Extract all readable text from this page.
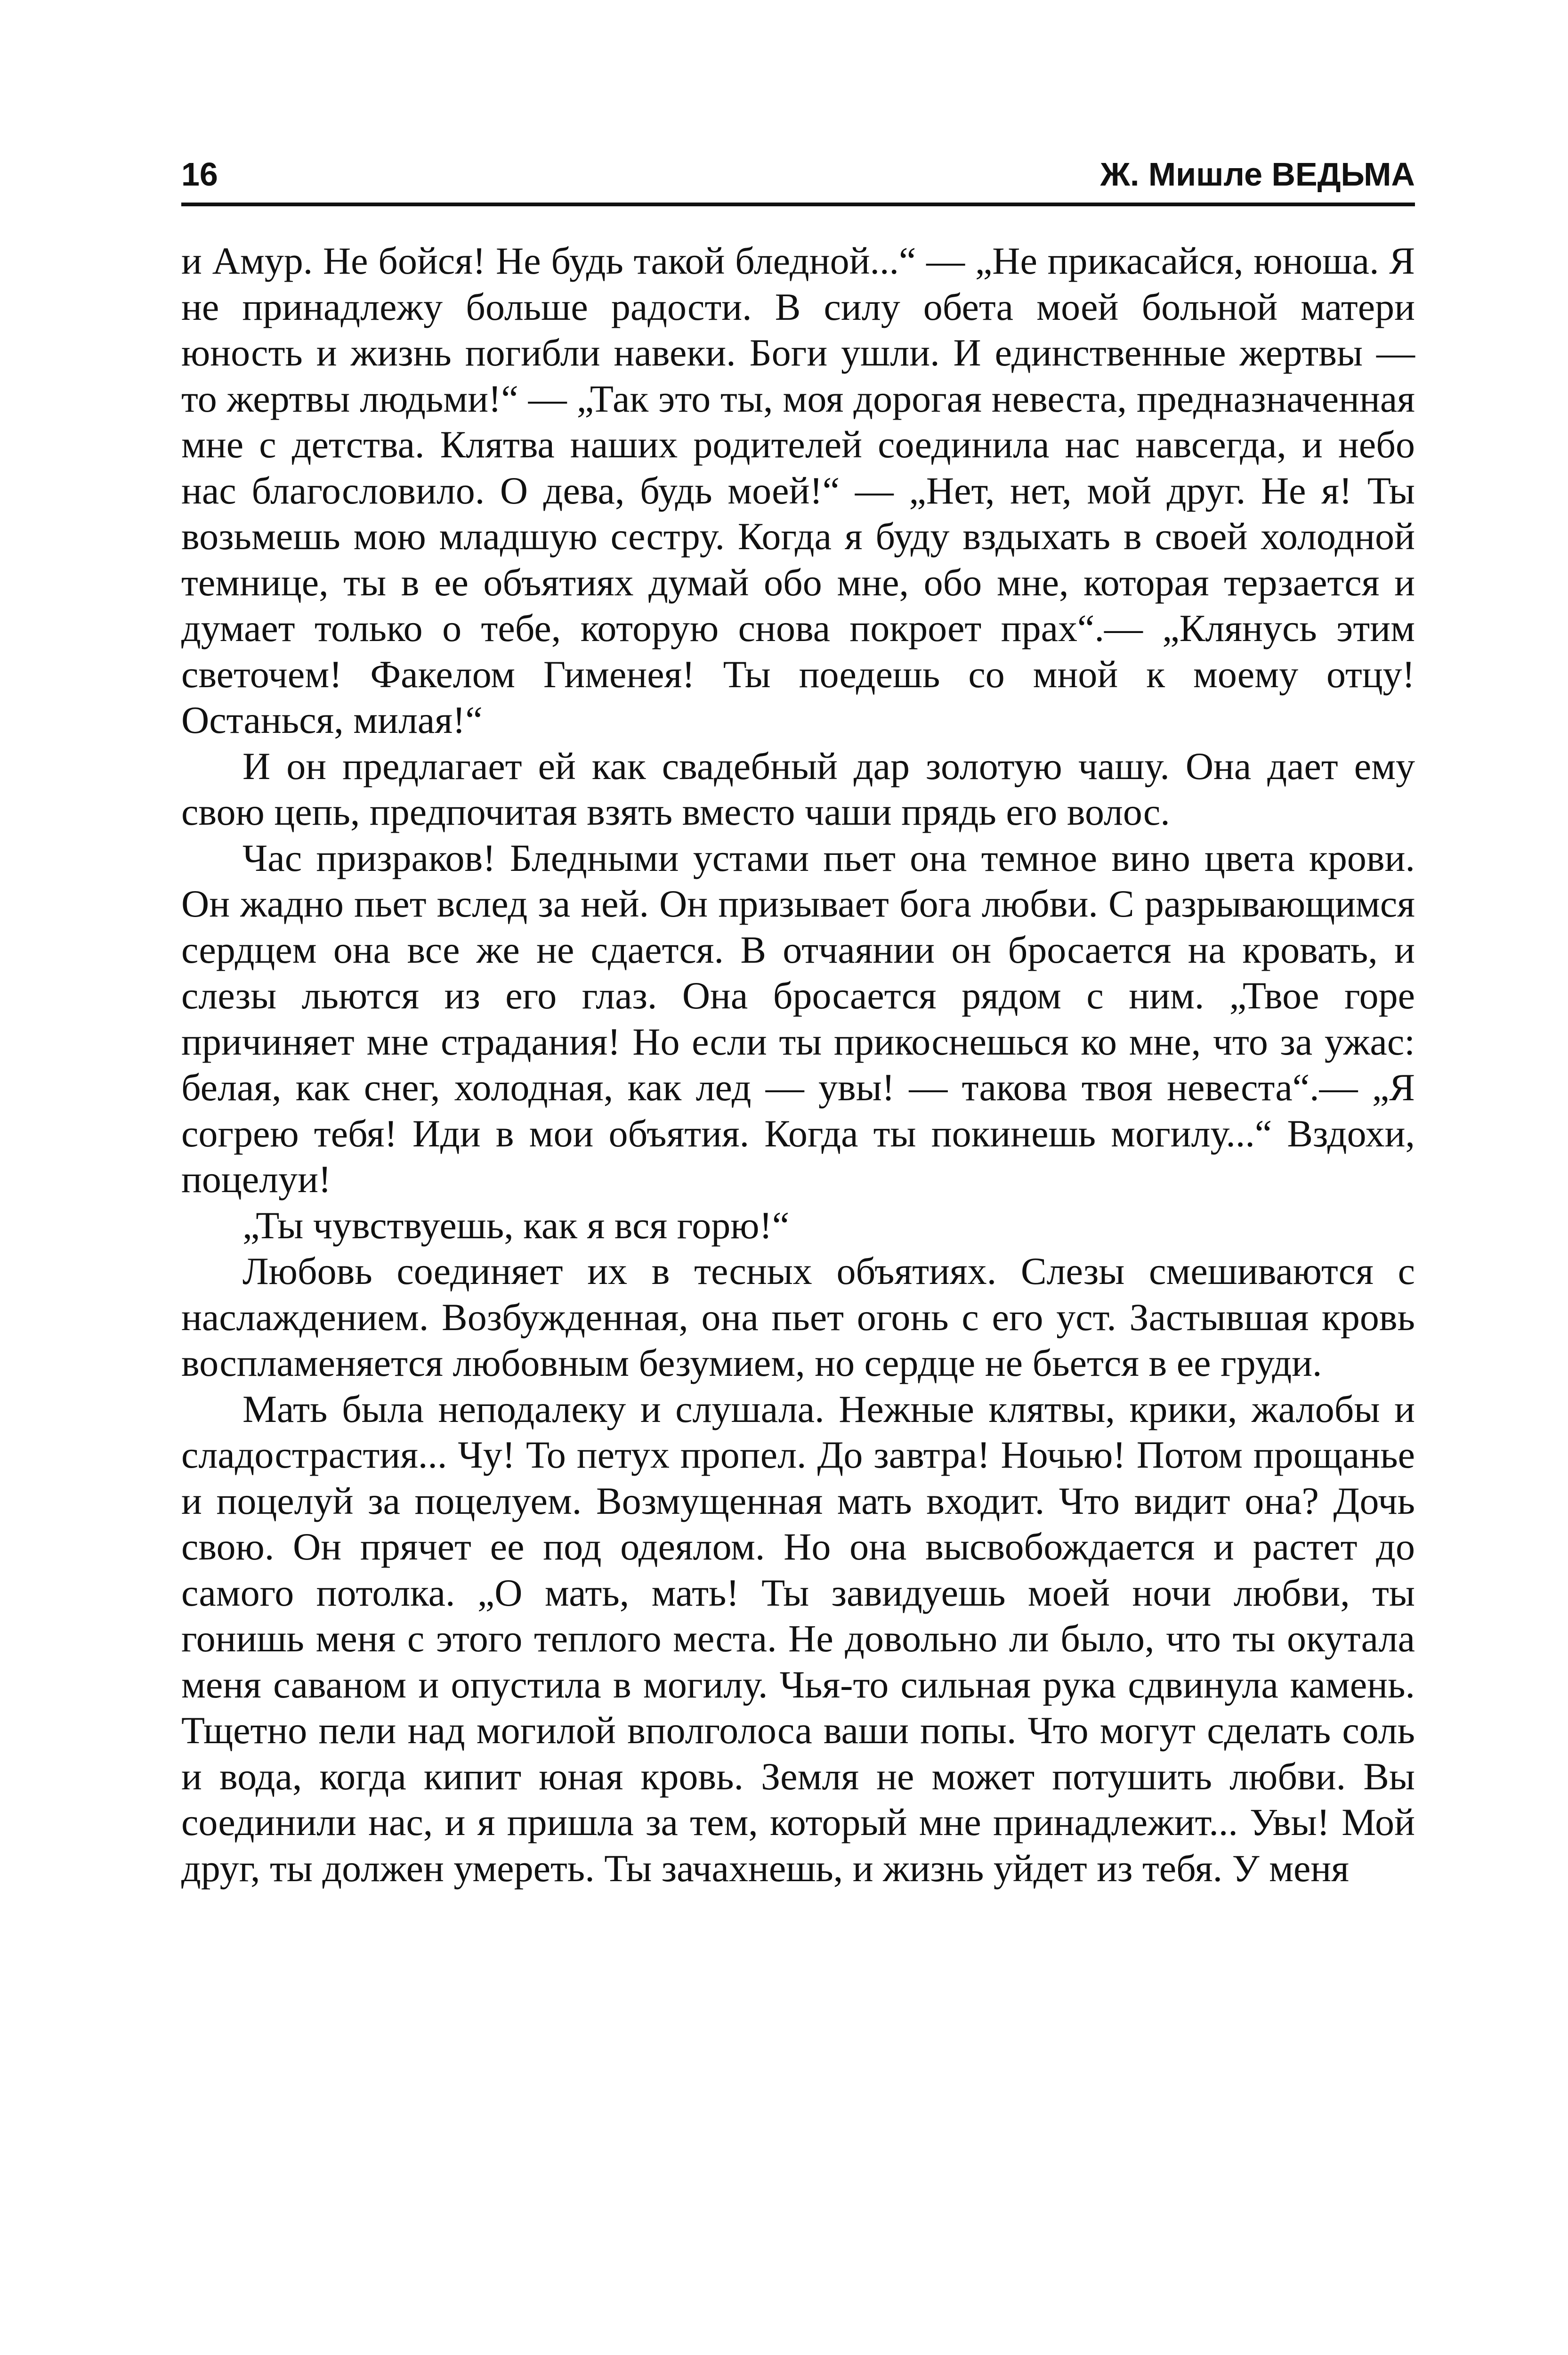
16	Ж. Мишле ВЕДЬМА

и Амур. Не бойся! Не будь такой бледной...“ — „Не прикасайся, юноша. Я не принадлежу больше радости. В силу обета моей больной матери юность и жизнь погибли навеки. Боги ушли. И единственные жертвы — то жертвы людьми!“ — „Так это ты, моя дорогая невеста, предназначенная мне с детства. Клятва наших родителей соединила нас навсегда, и небо нас благословило. О дева, будь моей!“ — „Нет, нет, мой друг. Не я! Ты возьмешь мою младшую сестру. Когда я буду вздыхать в своей холодной темнице, ты в ее объятиях думай обо мне, обо мне, которая терзается и думает только о тебе, которую снова покроет прах“.— „Клянусь этим светочем! Факелом Гименея! Ты поедешь со мной к моему отцу! Останься, милая!“

И он предлагает ей как свадебный дар золотую чашу. Она дает ему свою цепь, предпочитая взять вместо чаши прядь его волос.

Час призраков! Бледными устами пьет она темное вино цвета крови. Он жадно пьет вслед за ней. Он призывает бога любви. С разрывающимся сердцем она все же не сдается. В отчаянии он бросается на кровать, и слезы льются из его глаз. Она бросается рядом с ним. „Твое горе причиняет мне страдания! Но если ты прикоснешься ко мне, что за ужас: белая, как снег, холодная, как лед — увы! — такова твоя невеста“.— „Я согрею тебя! Иди в мои объятия. Когда ты покинешь могилу...“ Вздохи, поцелуи!

„Ты чувствуешь, как я вся горю!“

Любовь соединяет их в тесных объятиях. Слезы смешиваются с наслаждением. Возбужденная, она пьет огонь с его уст. Застывшая кровь воспламеняется любовным безумием, но сердце не бьется в ее груди.

Мать была неподалеку и слушала. Нежные клятвы, крики, жалобы и сладострастия... Чу! То петух пропел. До завтра! Ночью! Потом прощанье и поцелуй за поцелуем. Возмущенная мать входит. Что видит она? Дочь свою. Он прячет ее под одеялом. Но она высвобождается и растет до самого потолка. „О мать, мать! Ты завидуешь моей ночи любви, ты гонишь меня с этого теплого места. Не довольно ли было, что ты окутала меня саваном и опустила в могилу. Чья-то сильная рука сдвинула камень. Тщетно пели над могилой вполголоса ваши попы. Что могут сделать соль и вода, когда кипит юная кровь. Земля не может потушить любви. Вы соединили нас, и я пришла за тем, который мне принадлежит... Увы! Мой друг, ты должен умереть. Ты зачахнешь, и жизнь уйдет из тебя. У меня
